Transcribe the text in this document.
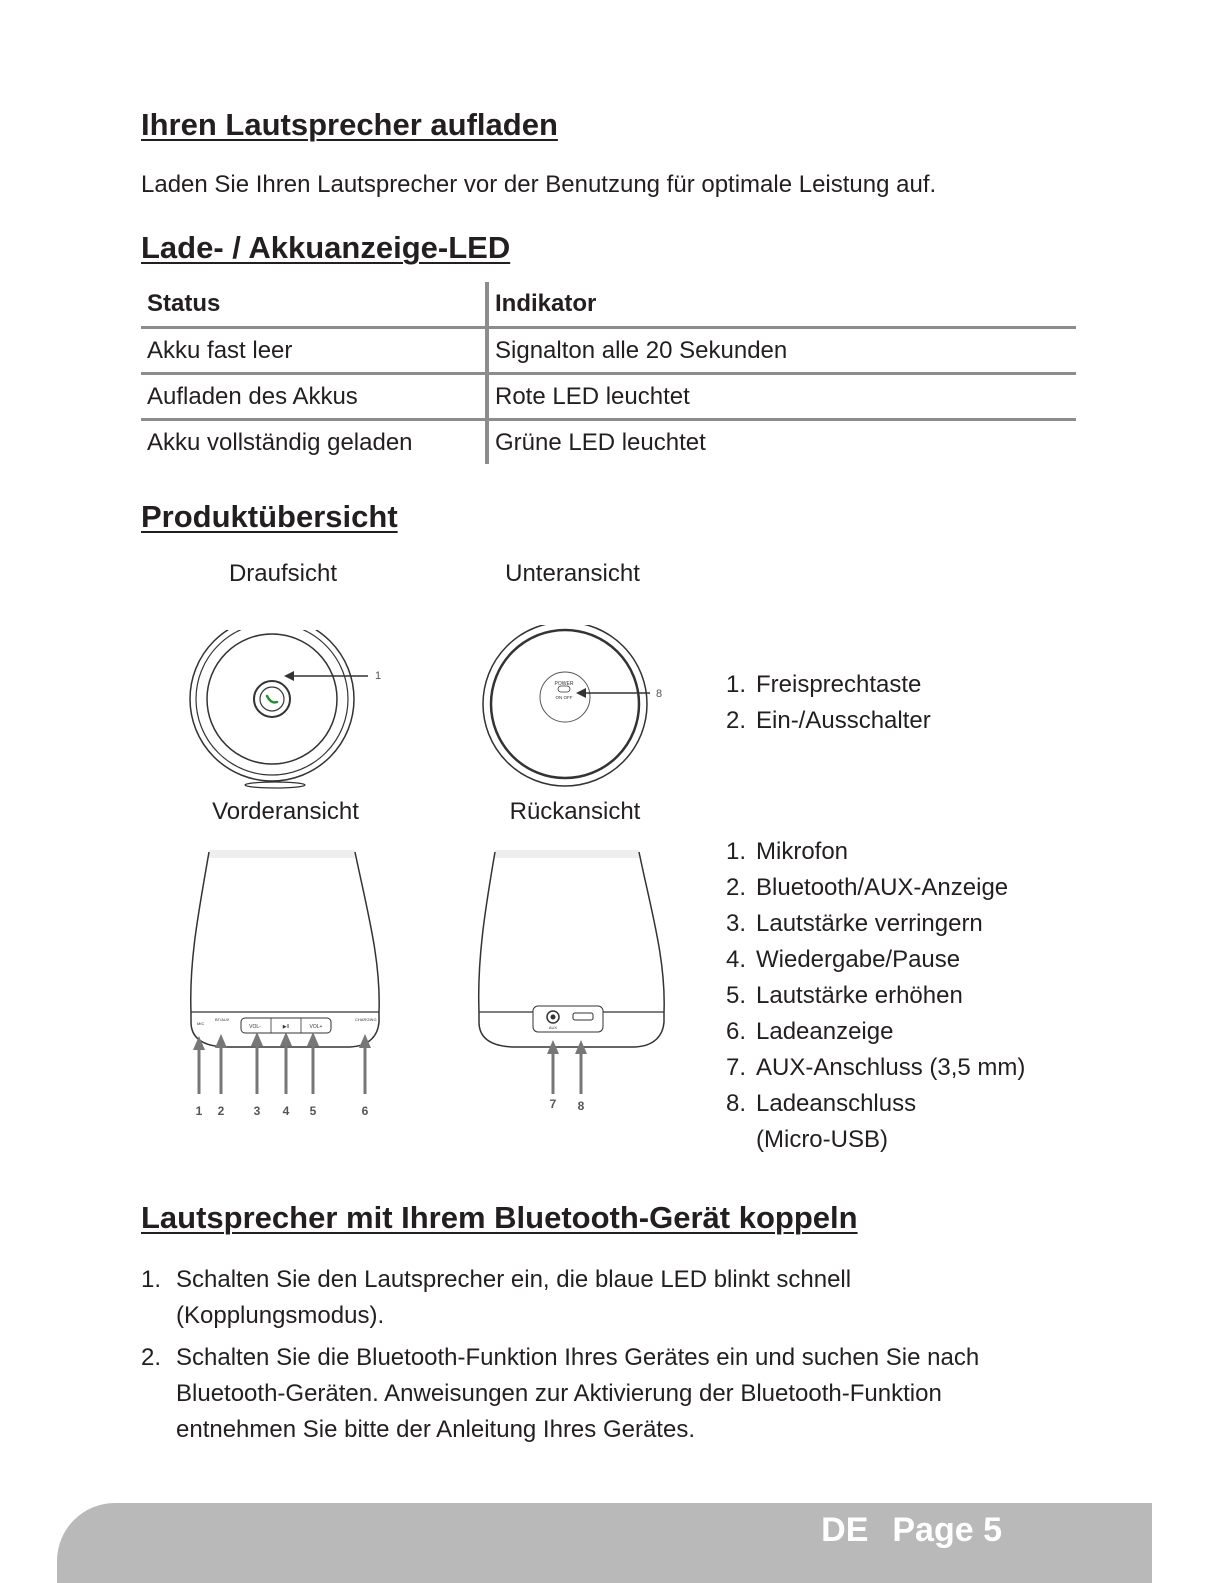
Ihren Lautsprecher aufladen

Laden Sie Ihren Lautsprecher vor der Benutzung für optimale Leistung auf.

Lade- / Akkuanzeige-LED
Status	Indikator
Akku fast leer	Signalton alle 20 Sekunden
Aufladen des Akkus	Rote LED leuchtet
Akku vollständig geladen	Grüne LED leuchtet
Produktübersicht
Draufsicht	Unteransicht
Vorderansicht	Rückansicht
1
POWER
ON OFF	8	1. Freisprechtaste
2. Ein-/Ausschalter
VOL-	▶II	VOL+
MIC
BT/AUX	CHARGING
1 2 3 4 5	6
AUX
7 8
1. Mikrofon
2. Bluetooth/AUX-Anzeige
3. Lautstärke verringern
4. Wiedergabe/Pause
5. Lautstärke erhöhen
6. Ladeanzeige
7. AUX-Anschluss (3,5 mm)
8. Ladeanschluss
(Micro-USB)
Lautsprecher mit Ihrem Bluetooth-Gerät koppeln
1. Schalten Sie den Lautsprecher ein, die blaue LED blinkt schnell (Kopplungsmodus).
2. Schalten Sie die Bluetooth-Funktion Ihres Gerätes ein und suchen Sie nach Bluetooth-Geräten. Anweisungen zur Aktivierung der Bluetooth-Funktion entnehmen Sie bitte der Anleitung Ihres Gerätes.
DE Page 5
